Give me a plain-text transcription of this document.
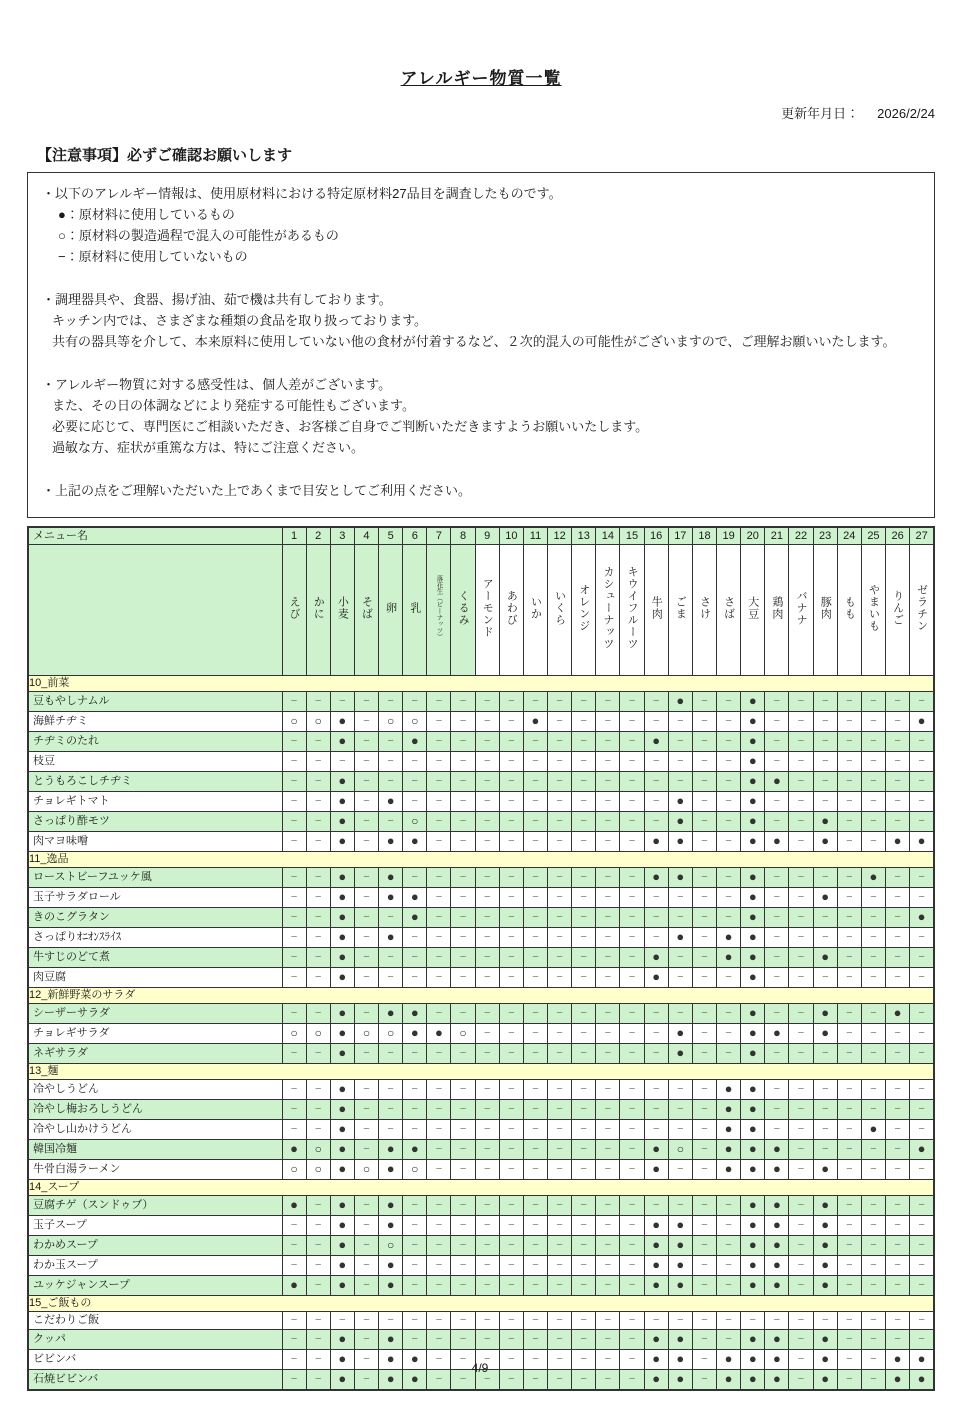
アレルギー物質一覧
更新年月日： 2026/2/24
【注意事項】必ずご確認お願いします
・以下のアレルギー情報は、使用原材料における特定原材料27品目を調査したものです。
●：原材料に使用しているもの
○：原材料の製造過程で混入の可能性があるもの
−：原材料に使用していないもの
・調理器具や、食器、揚げ油、茹で機は共有しております。
キッチン内では、さまざまな種類の食品を取り扱っております。
共有の器具等を介して、本来原料に使用していない他の食材が付着するなど、２次的混入の可能性がございますので、ご理解お願いいたします。
・アレルギー物質に対する感受性は、個人差がございます。
また、その日の体調などにより発症する可能性もございます。
必要に応じて、専門医にご相談いただき、お客様ご自身でご判断いただきますようお願いいたします。
過敏な方、症状が重篤な方は、特にご注意ください。
・上記の点をご理解いただいた上であくまで目安としてご利用ください。
メニュー名	1	2	3	4	5	6	7	8	9	10	11	12	13	14	15	16	17	18	19	20	21	22	23	24	25	26	27
	えび	かに	小麦	そば	卵	乳	落花生（ピーナッツ）	くるみ	アーモンド	あわび	いか	いくら	オレンジ	カシューナッツ	キウイフルーツ	牛肉	ごま	さけ	さば	大豆	鶏肉	バナナ	豚肉	もも	やまいも	りんご	ゼラチン
10_前菜																											
豆もやしナムル	−	−	−	−	−	−	−	−	−	−	−	−	−	−	−	−	●	−	−	●	−	−	−	−	−	−	−
海鮮チヂミ	○	○	●	−	○	○	−	−	−	−	●	−	−	−	−	−	−	−	−	●	−	−	−	−	−	−	●
チヂミのたれ	−	−	●	−	−	●	−	−	−	−	−	−	−	−	−	●	−	−	−	●	−	−	−	−	−	−	−
枝豆	−	−	−	−	−	−	−	−	−	−	−	−	−	−	−	−	−	−	−	●	−	−	−	−	−	−	−
とうもろこしチヂミ	−	−	●	−	−	−	−	−	−	−	−	−	−	−	−	−	−	−	−	●	●	−	−	−	−	−	−
チョレギトマト	−	−	●	−	●	−	−	−	−	−	−	−	−	−	−	−	●	−	−	●	−	−	−	−	−	−	−
さっぱり酢モツ	−	−	●	−	−	○	−	−	−	−	−	−	−	−	−	−	●	−	−	●	−	−	●	−	−	−	−
肉マヨ味噌	−	−	●	−	●	●	−	−	−	−	−	−	−	−	−	●	●	−	−	●	●	−	●	−	−	●	●
11_逸品																											
ローストビーフユッケ風	−	−	●	−	●	−	−	−	−	−	−	−	−	−	−	●	●	−	−	●	−	−	−	−	●	−	−
玉子サラダロール	−	−	●	−	●	●	−	−	−	−	−	−	−	−	−	−	−	−	−	●	−	−	●	−	−	−	−
きのこグラタン	−	−	●	−	−	●	−	−	−	−	−	−	−	−	−	−	−	−	−	●	−	−	−	−	−	−	●
さっぱりｵﾆｵﾝｽﾗｲｽ	−	−	●	−	●	−	−	−	−	−	−	−	−	−	−	−	●	−	●	●	−	−	−	−	−	−	−
牛すじのどて煮	−	−	●	−	−	−	−	−	−	−	−	−	−	−	−	●	−	−	●	●	−	−	●	−	−	−	−
肉豆腐	−	−	●	−	−	−	−	−	−	−	−	−	−	−	−	●	−	−	−	●	−	−	−	−	−	−	−
12_新鮮野菜のサラダ																											
シーザーサラダ	−	−	●	−	●	●	−	−	−	−	−	−	−	−	−	−	−	−	−	●	−	−	●	−	−	●	−
チョレギサラダ	○	○	●	○	○	●	●	○	−	−	−	−	−	−	−	−	●	−	−	●	●	−	●	−	−	−	−
ネギサラダ	−	−	●	−	−	−	−	−	−	−	−	−	−	−	−	−	●	−	−	●	−	−	−	−	−	−	−
13_麺																											
冷やしうどん	−	−	●	−	−	−	−	−	−	−	−	−	−	−	−	−	−	−	●	●	−	−	−	−	−	−	−
冷やし梅おろしうどん	−	−	●	−	−	−	−	−	−	−	−	−	−	−	−	−	−	−	●	●	−	−	−	−	−	−	−
冷やし山かけうどん	−	−	●	−	−	−	−	−	−	−	−	−	−	−	−	−	−	−	●	●	−	−	−	−	●	−	−
韓国冷麺	●	○	●	−	●	●	−	−	−	−	−	−	−	−	−	●	○	−	●	●	●	−	−	−	−	−	●
牛骨白湯ラーメン	○	○	●	○	●	○	−	−	−	−	−	−	−	−	−	●	−	−	●	●	●	−	●	−	−	−	−
14_スープ																											
豆腐チゲ（スンドゥブ）	●	−	●	−	●	−	−	−	−	−	−	−	−	−	−	−	−	−	−	●	●	−	●	−	−	−	−
玉子スープ	−	−	●	−	●	−	−	−	−	−	−	−	−	−	−	●	●	−	−	●	●	−	●	−	−	−	−
わかめスープ	−	−	●	−	○	−	−	−	−	−	−	−	−	−	−	●	●	−	−	●	●	−	●	−	−	−	−
わか玉スープ	−	−	●	−	●	−	−	−	−	−	−	−	−	−	−	●	●	−	−	●	●	−	●	−	−	−	−
ユッケジャンスープ	●	−	●	−	●	−	−	−	−	−	−	−	−	−	−	●	●	−	−	●	●	−	●	−	−	−	−
15_ご飯もの																											
こだわりご飯	−	−	−	−	−	−	−	−	−	−	−	−	−	−	−	−	−	−	−	−	−	−	−	−	−	−	−
クッパ	−	−	●	−	●	−	−	−	−	−	−	−	−	−	−	●	●	−	−	●	●	−	●	−	−	−	−
ビビンバ	−	−	●	−	●	●	−	−	−	−	−	−	−	−	−	●	●	−	●	●	●	−	●	−	−	●	●
石焼ビビンバ	−	−	●	−	●	●	−	−	−	−	−	−	−	−	−	●	●	−	●	●	●	−	●	−	−	●	●
4/9
